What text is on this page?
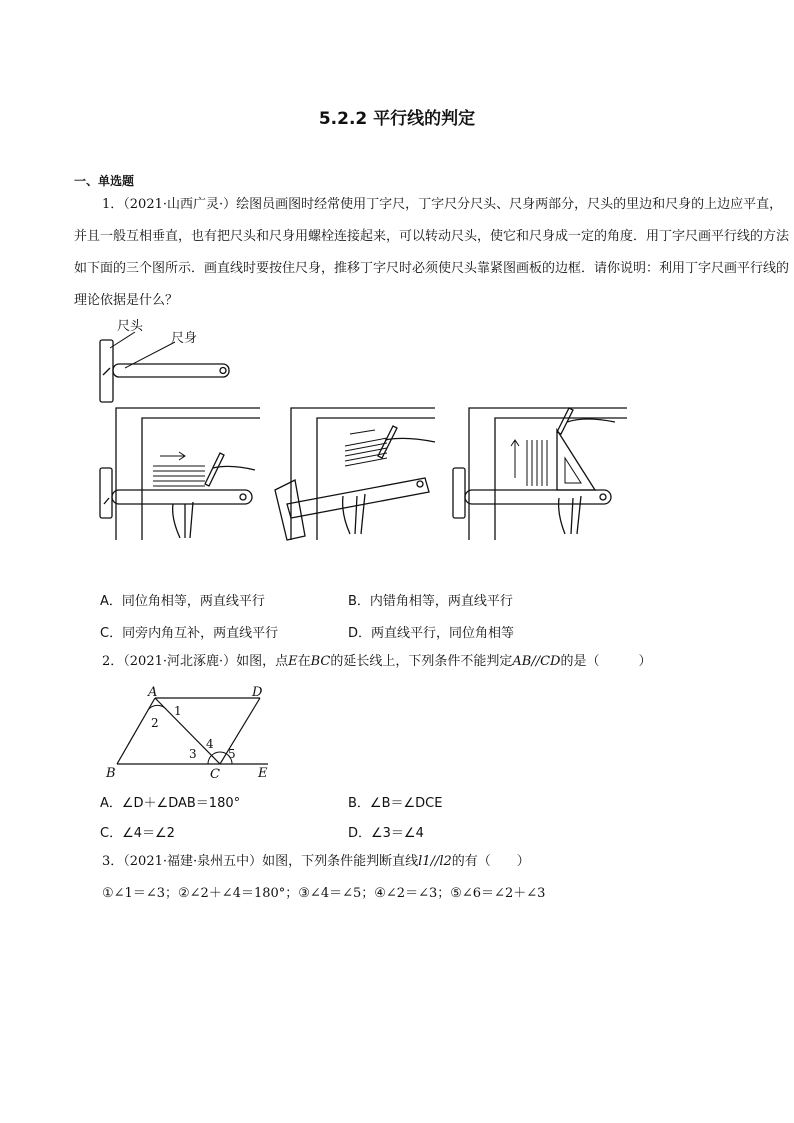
5.2.2 平行线的判定
一、单选题
1．（2021·山西广灵·）绘图员画图时经常使用丁字尺，丁字尺分尺头、尺身两部分，尺头的里边和尺身的上边应平直，并且一般互相垂直，也有把尺头和尺身用螺栓连接起来，可以转动尺头，使它和尺身成一定的角度．用丁字尺画平行线的方法如下面的三个图所示．画直线时要按住尺身，推移丁字尺时必须使尺头靠紧图画板的边框．请你说明：利用丁字尺画平行线的理论依据是什么？
尺头
尺身
A．同位角相等，两直线平行	B．内错角相等，两直线平行
C．同旁内角互补，两直线平行	D．两直线平行，同位角相等
2．（2021·河北涿鹿·）如图，点E在BC的延长线上，下列条件不能判定AB//CD的是（　　　）
A	D
B	C	E
1
2
3
4
5
A．∠D＋∠DAB＝180°	B．∠B＝∠DCE
C．∠4＝∠2	D．∠3＝∠4
3．（2021·福建·泉州五中）如图，下列条件能判断直线l1//l2的有（　　）
①∠1＝∠3；②∠2＋∠4＝180°；③∠4＝∠5；④∠2＝∠3；⑤∠6＝∠2＋∠3
